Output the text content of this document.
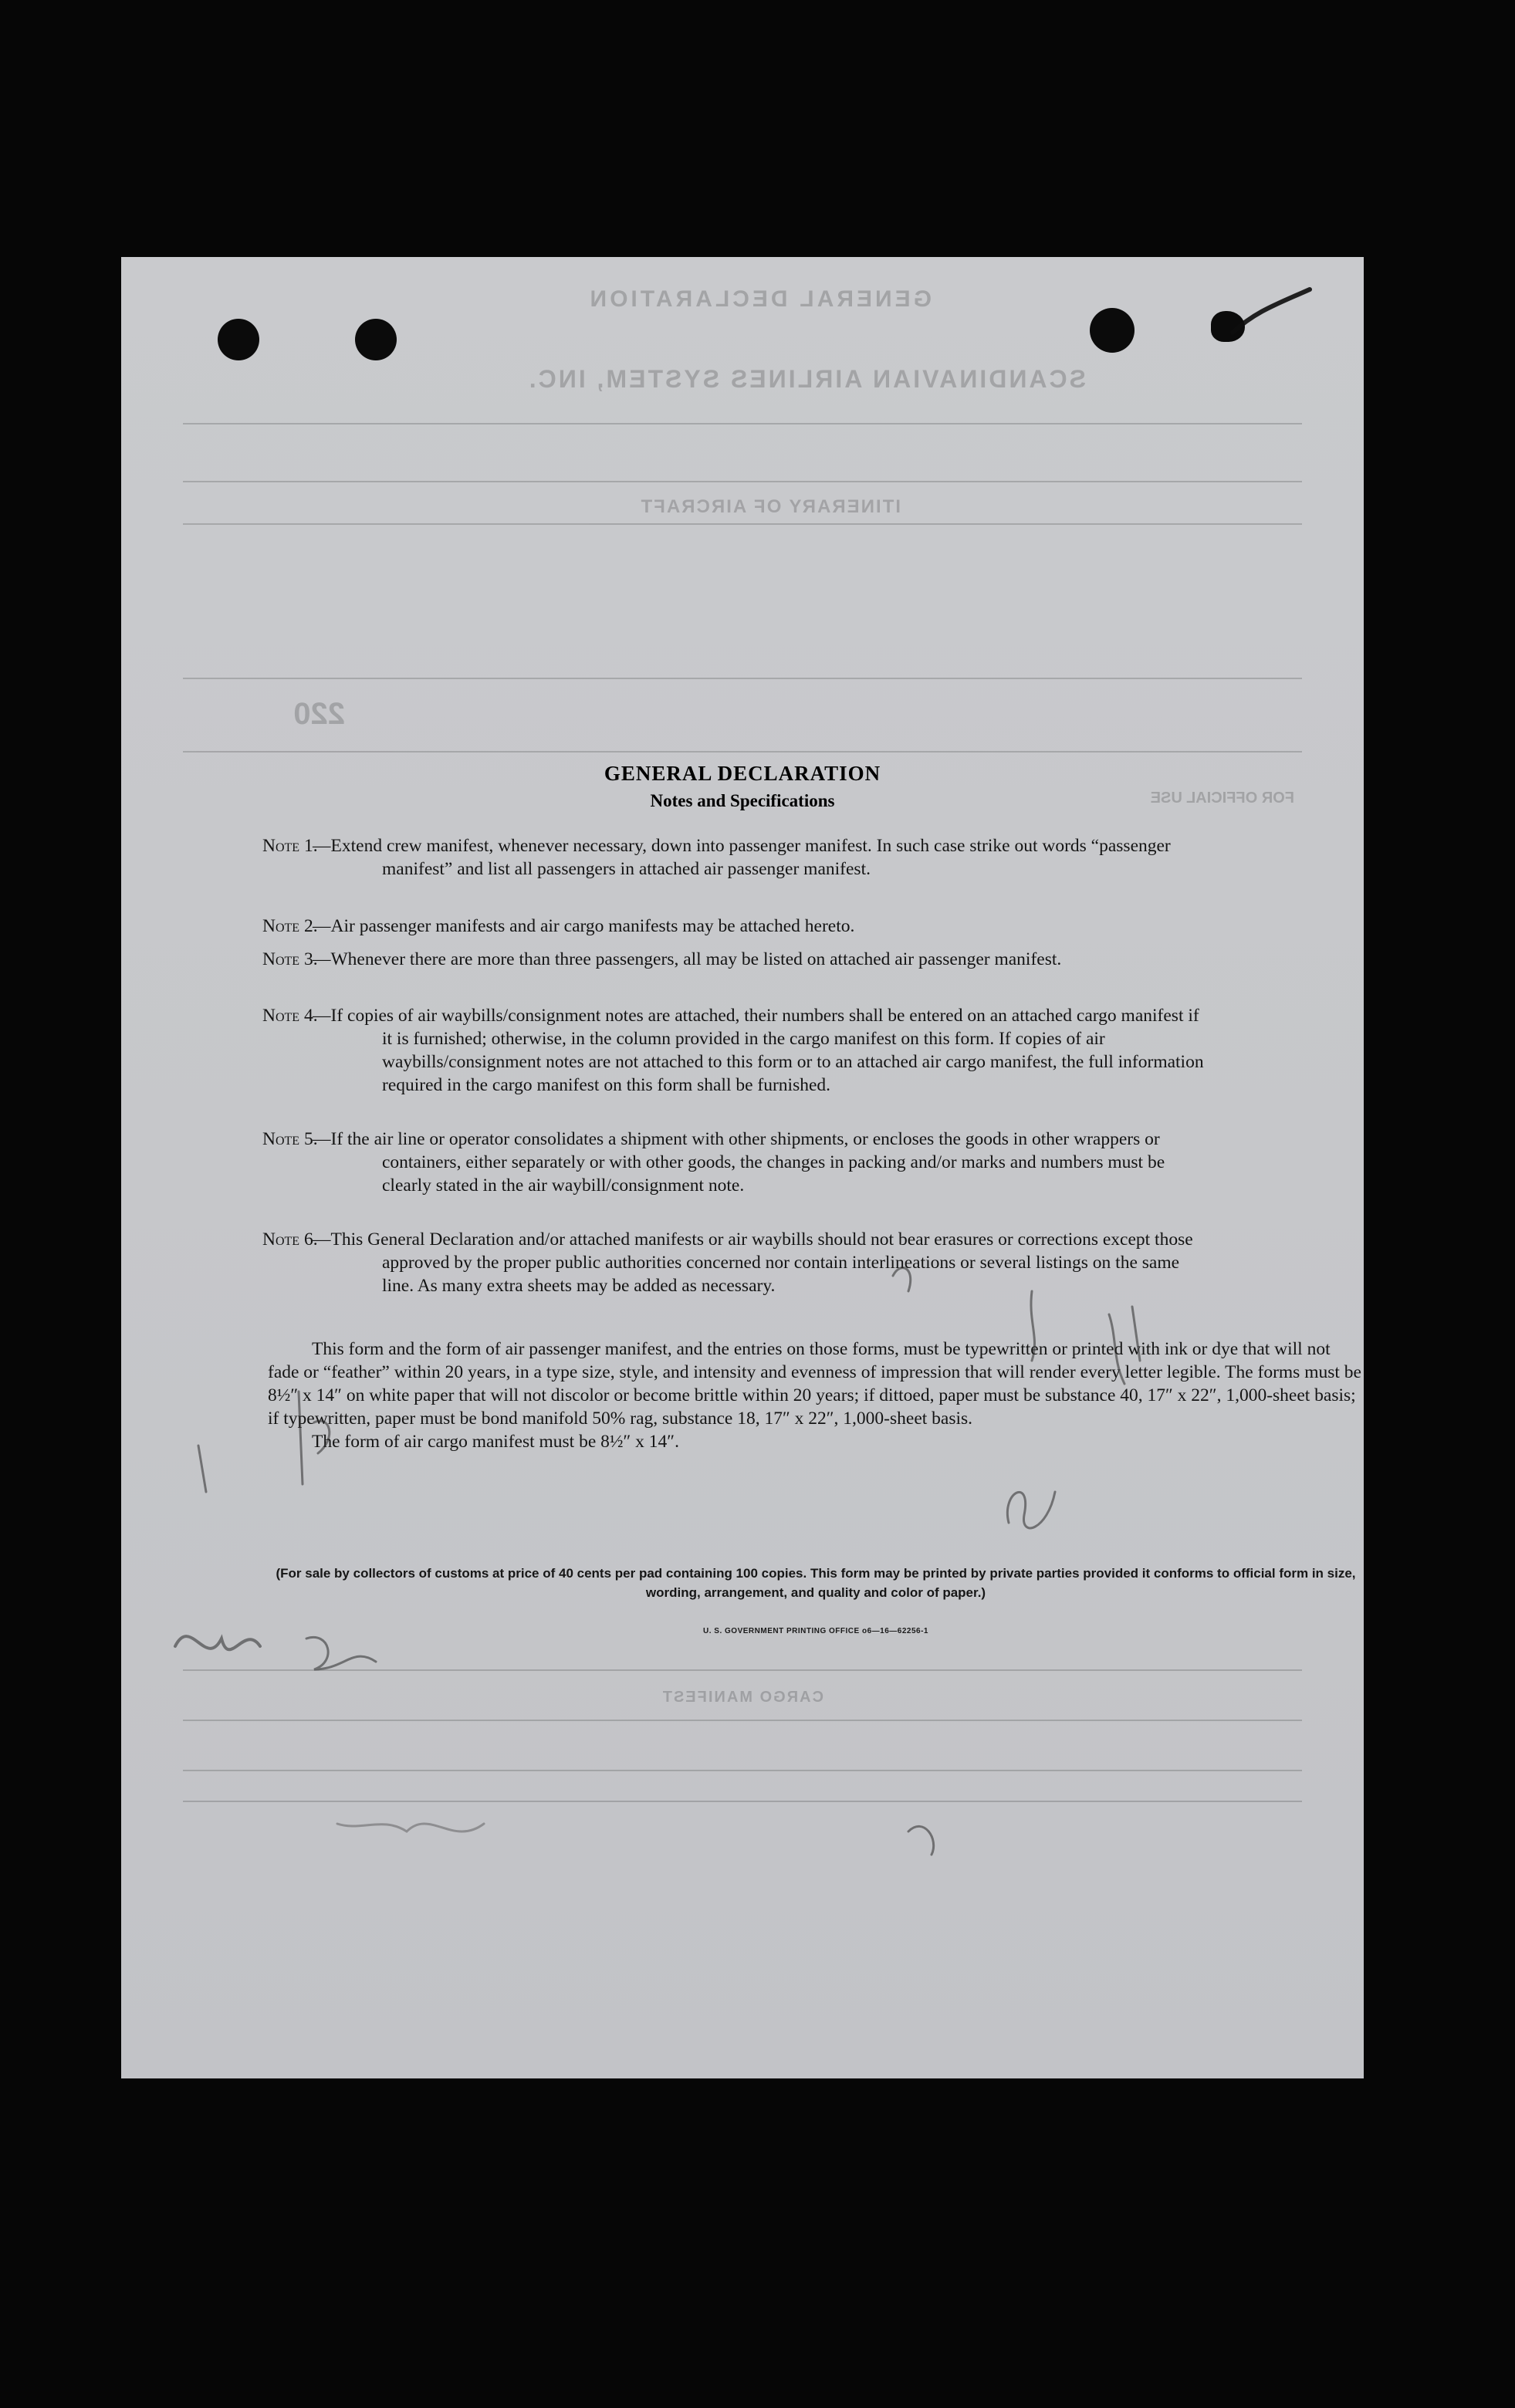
GENERAL DECLARATION
SCANDINAVIAN AIRLINES SYSTEM, INC.
ITINERARY OF AIRCRAFT
220
FOR OFFICIAL USE
CARGO MANIFEST
GENERAL DECLARATION
Notes and Specifications
Note 1.
—Extend crew manifest, whenever necessary, down into passenger manifest. In such case strike out words “passenger manifest” and list all passengers in attached air passenger manifest.
Note 2.
—Air passenger manifests and air cargo manifests may be attached hereto.
Note 3.
—Whenever there are more than three passengers, all may be listed on attached air passenger manifest.
Note 4.
—If copies of air waybills/consignment notes are attached, their numbers shall be entered on an attached cargo manifest if it is furnished; otherwise, in the column provided in the cargo manifest on this form. If copies of air waybills/consignment notes are not attached to this form or to an attached air cargo manifest, the full information required in the cargo manifest on this form shall be furnished.
Note 5.
—If the air line or operator consolidates a shipment with other shipments, or encloses the goods in other wrappers or containers, either separately or with other goods, the changes in packing and/or marks and numbers must be clearly stated in the air waybill/consignment note.
Note 6.
—This General Declaration and/or attached manifests or air waybills should not bear erasures or corrections except those approved by the proper public authorities concerned nor contain interlineations or several listings on the same line. As many extra sheets may be added as necessary.

This form and the form of air passenger manifest, and the entries on those forms, must be typewritten or printed with ink or dye that will not fade or “feather” within 20 years, in a type size, style, and intensity and evenness of impression that will render every letter legible. The forms must be 8½″ x 14″ on white paper that will not discolor or become brittle within 20 years; if dittoed, paper must be substance 40, 17″ x 22″, 1,000-sheet basis; if typewritten, paper must be bond manifold 50% rag, substance 18, 17″ x 22″, 1,000-sheet basis.

The form of air cargo manifest must be 8½″ x 14″.

(For sale by collectors of customs at price of 40 cents per pad containing 100 copies. This form may be printed by private parties provided it conforms to official form in size, wording, arrangement, and quality and color of paper.)
U. S. GOVERNMENT PRINTING OFFICE o6—16—62256-1
